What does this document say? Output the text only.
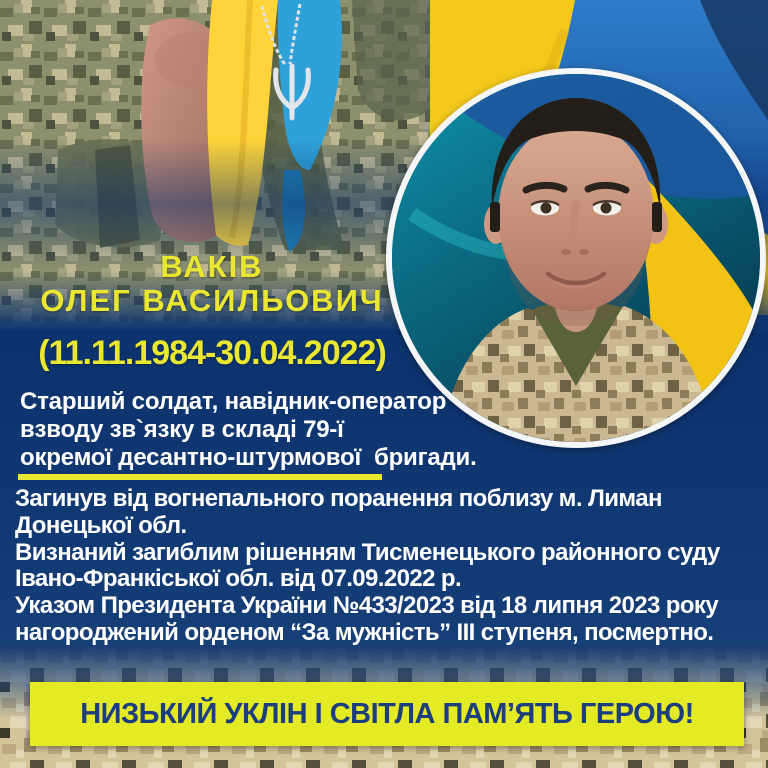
ВАКІВ
ОЛЕГ ВАСИЛЬОВИЧ
(11.11.1984-30.04.2022)
Старший солдат, навідник-оператор
взводу зв`язку в складі 79-ї
окремої десантно-штурмової  бригади.
Загинув від вогнепального поранення поблизу м. Лиман
Донецької обл.
Визнаний загиблим рішенням Тисменецького районного суду
Івано-Франкіської обл. від 07.09.2022 р.
Указом Президента України №433/2023 від 18 липня 2023 року
нагороджений орденом “За мужність” ІІІ ступеня, посмертно.
НИЗЬКИЙ УКЛІН І СВІТЛА ПАМ’ЯТЬ ГЕРОЮ!
